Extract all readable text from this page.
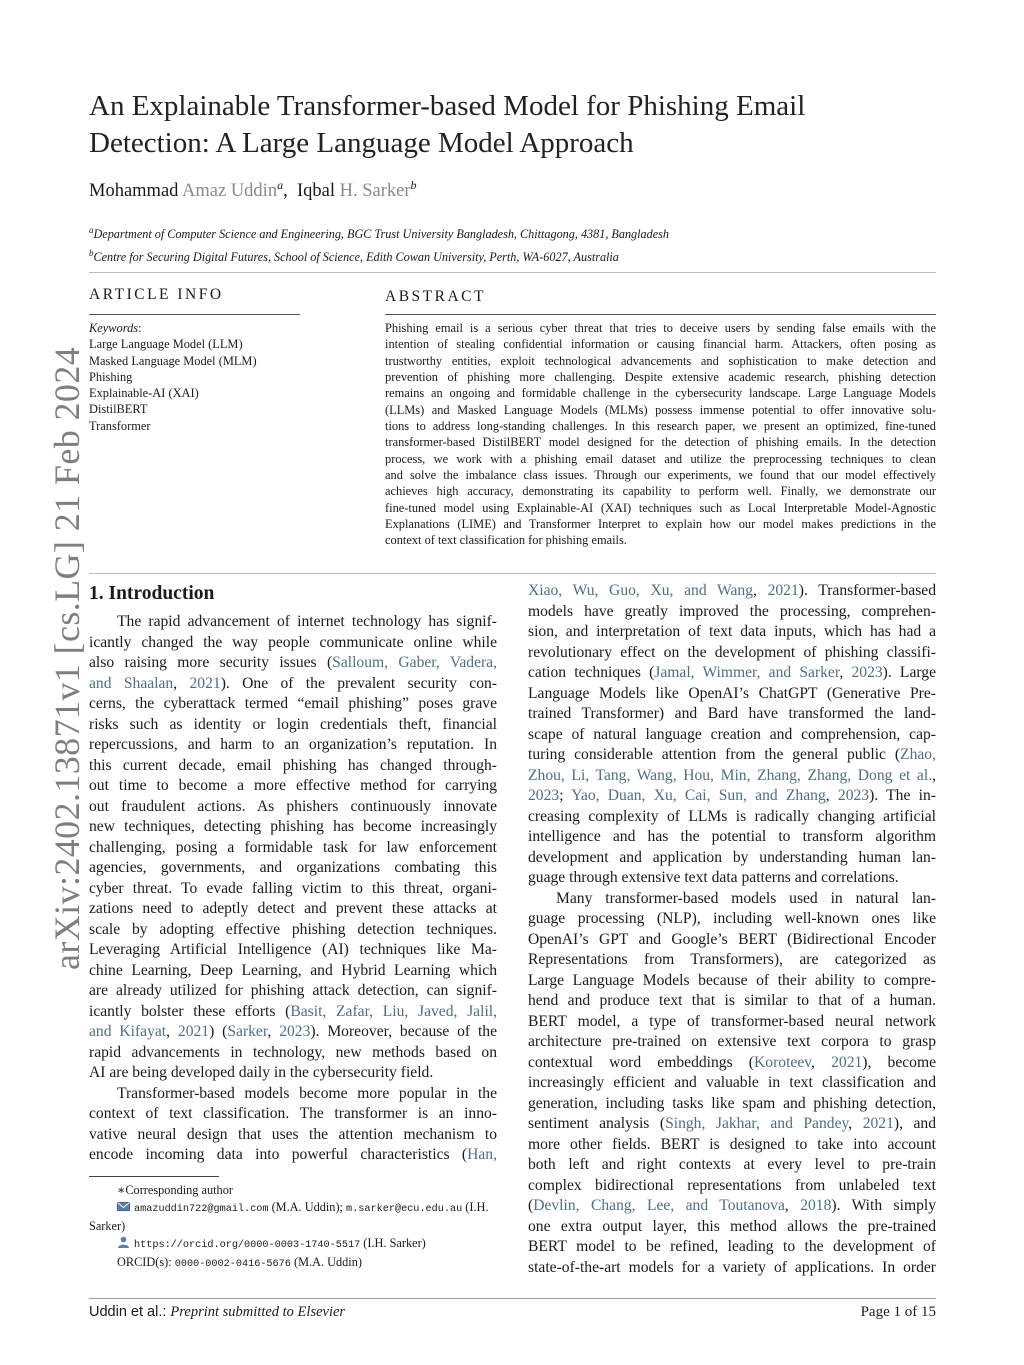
arXiv:2402.13871v1 [cs.LG] 21 Feb 2024
An Explainable Transformer-based Model for Phishing Email
Detection: A Large Language Model Approach
Mohammad Amaz Uddin$^a$, Iqbal H. Sarker$^b$
$^a$Department of Computer Science and Engineering, BGC Trust University Bangladesh, Chittagong, 4381, Bangladesh
$^b$Centre for Securing Digital Futures, School of Science, Edith Cowan University, Perth, WA-6027, Australia
ARTICLE INFO	ABSTRACT
Keywords:
Large Language Model (LLM)
Masked Language Model (MLM)
Phishing
Explainable-AI (XAI)
DistilBERT
Transformer
Phishing email is a serious cyber threat that tries to deceive users by sending false emails with the
intention of stealing confidential information or causing financial harm. Attackers, often posing as
trustworthy entities, exploit technological advancements and sophistication to make detection and
prevention of phishing more challenging. Despite extensive academic research, phishing detection
remains an ongoing and formidable challenge in the cybersecurity landscape. Large Language Models
(LLMs) and Masked Language Models (MLMs) possess immense potential to offer innovative solu-
tions to address long-standing challenges. In this research paper, we present an optimized, fine-tuned
transformer-based DistilBERT model designed for the detection of phishing emails. In the detection
process, we work with a phishing email dataset and utilize the preprocessing techniques to clean
and solve the imbalance class issues. Through our experiments, we found that our model effectively
achieves high accuracy, demonstrating its capability to perform well. Finally, we demonstrate our
fine-tuned model using Explainable-AI (XAI) techniques such as Local Interpretable Model-Agnostic
Explanations (LIME) and Transformer Interpret to explain how our model makes predictions in the
context of text classification for phishing emails.
1. Introduction
The rapid advancement of internet technology has signif-
icantly changed the way people communicate online while
also raising more security issues (Salloum, Gaber, Vadera,
and Shaalan, 2021). One of the prevalent security con-
cerns, the cyberattack termed “email phishing” poses grave
risks such as identity or login credentials theft, financial
repercussions, and harm to an organization’s reputation. In
this current decade, email phishing has changed through-
out time to become a more effective method for carrying
out fraudulent actions. As phishers continuously innovate
new techniques, detecting phishing has become increasingly
challenging, posing a formidable task for law enforcement
agencies, governments, and organizations combating this
cyber threat. To evade falling victim to this threat, organi-
zations need to adeptly detect and prevent these attacks at
scale by adopting effective phishing detection techniques.
Leveraging Artificial Intelligence (AI) techniques like Ma-
chine Learning, Deep Learning, and Hybrid Learning which
are already utilized for phishing attack detection, can signif-
icantly bolster these efforts (Basit, Zafar, Liu, Javed, Jalil,
and Kifayat, 2021) (Sarker, 2023). Moreover, because of the
rapid advancements in technology, new methods based on
AI are being developed daily in the cybersecurity field.
Transformer-based models become more popular in the
context of text classification. The transformer is an inno-
vative neural design that uses the attention mechanism to
encode incoming data into powerful characteristics (Han,
Xiao, Wu, Guo, Xu, and Wang, 2021). Transformer-based
models have greatly improved the processing, comprehen-
sion, and interpretation of text data inputs, which has had a
revolutionary effect on the development of phishing classifi-
cation techniques (Jamal, Wimmer, and Sarker, 2023). Large
Language Models like OpenAI’s ChatGPT (Generative Pre-
trained Transformer) and Bard have transformed the land-
scape of natural language creation and comprehension, cap-
turing considerable attention from the general public (Zhao,
Zhou, Li, Tang, Wang, Hou, Min, Zhang, Zhang, Dong et al.,
2023; Yao, Duan, Xu, Cai, Sun, and Zhang, 2023). The in-
creasing complexity of LLMs is radically changing artificial
intelligence and has the potential to transform algorithm
development and application by understanding human lan-
guage through extensive text data patterns and correlations.
Many transformer-based models used in natural lan-
guage processing (NLP), including well-known ones like
OpenAI’s GPT and Google’s BERT (Bidirectional Encoder
Representations from Transformers), are categorized as
Large Language Models because of their ability to compre-
hend and produce text that is similar to that of a human.
BERT model, a type of transformer-based neural network
architecture pre-trained on extensive text corpora to grasp
contextual word embeddings (Koroteev, 2021), become
increasingly efficient and valuable in text classification and
generation, including tasks like spam and phishing detection,
sentiment analysis (Singh, Jakhar, and Pandey, 2021), and
more other fields. BERT is designed to take into account
both left and right contexts at every level to pre-train
complex bidirectional representations from unlabeled text
(Devlin, Chang, Lee, and Toutanova, 2018). With simply
one extra output layer, this method allows the pre-trained
BERT model to be refined, leading to the development of
state-of-the-art models for a variety of applications. In order
∗Corresponding author
amazuddin722@gmail.com (M.A. Uddin); m.sarker@ecu.edu.au (I.H.
Sarker)
https://orcid.org/0000-0003-1740-5517 (I.H. Sarker)
ORCID(s): 0000-0002-0416-5676 (M.A. Uddin)
Uddin et al.: Preprint submitted to Elsevier	Page 1 of 15
